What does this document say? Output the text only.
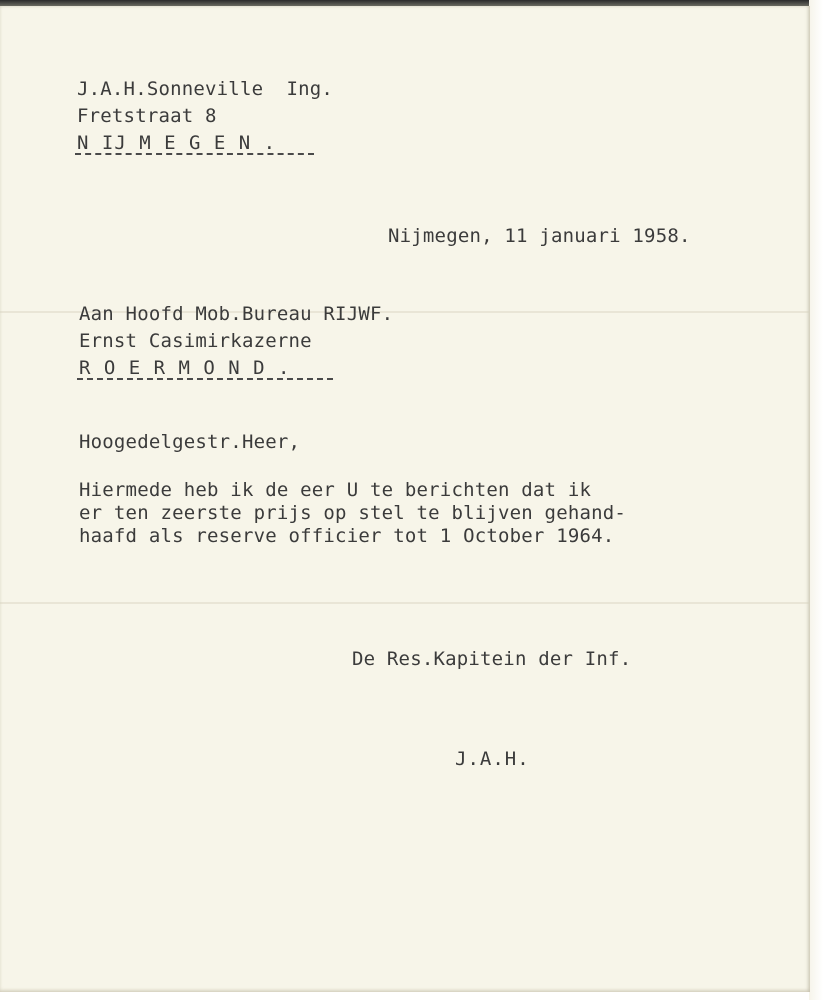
J.A.H.Sonneville  Ing.

Fretstraat 8

N IJ M E G E N .

Nijmegen, 11 januari 1958.

Aan Hoofd Mob.Bureau RIJWF.

Ernst Casimirkazerne

R O E R M O N D .

Hoogedelgestr.Heer,

Hiermede heb ik de eer U te berichten dat ik

er ten zeerste prijs op stel te blijven gehand-

haafd als reserve officier tot 1 October 1964.

De Res.Kapitein der Inf.

J.A.H.
